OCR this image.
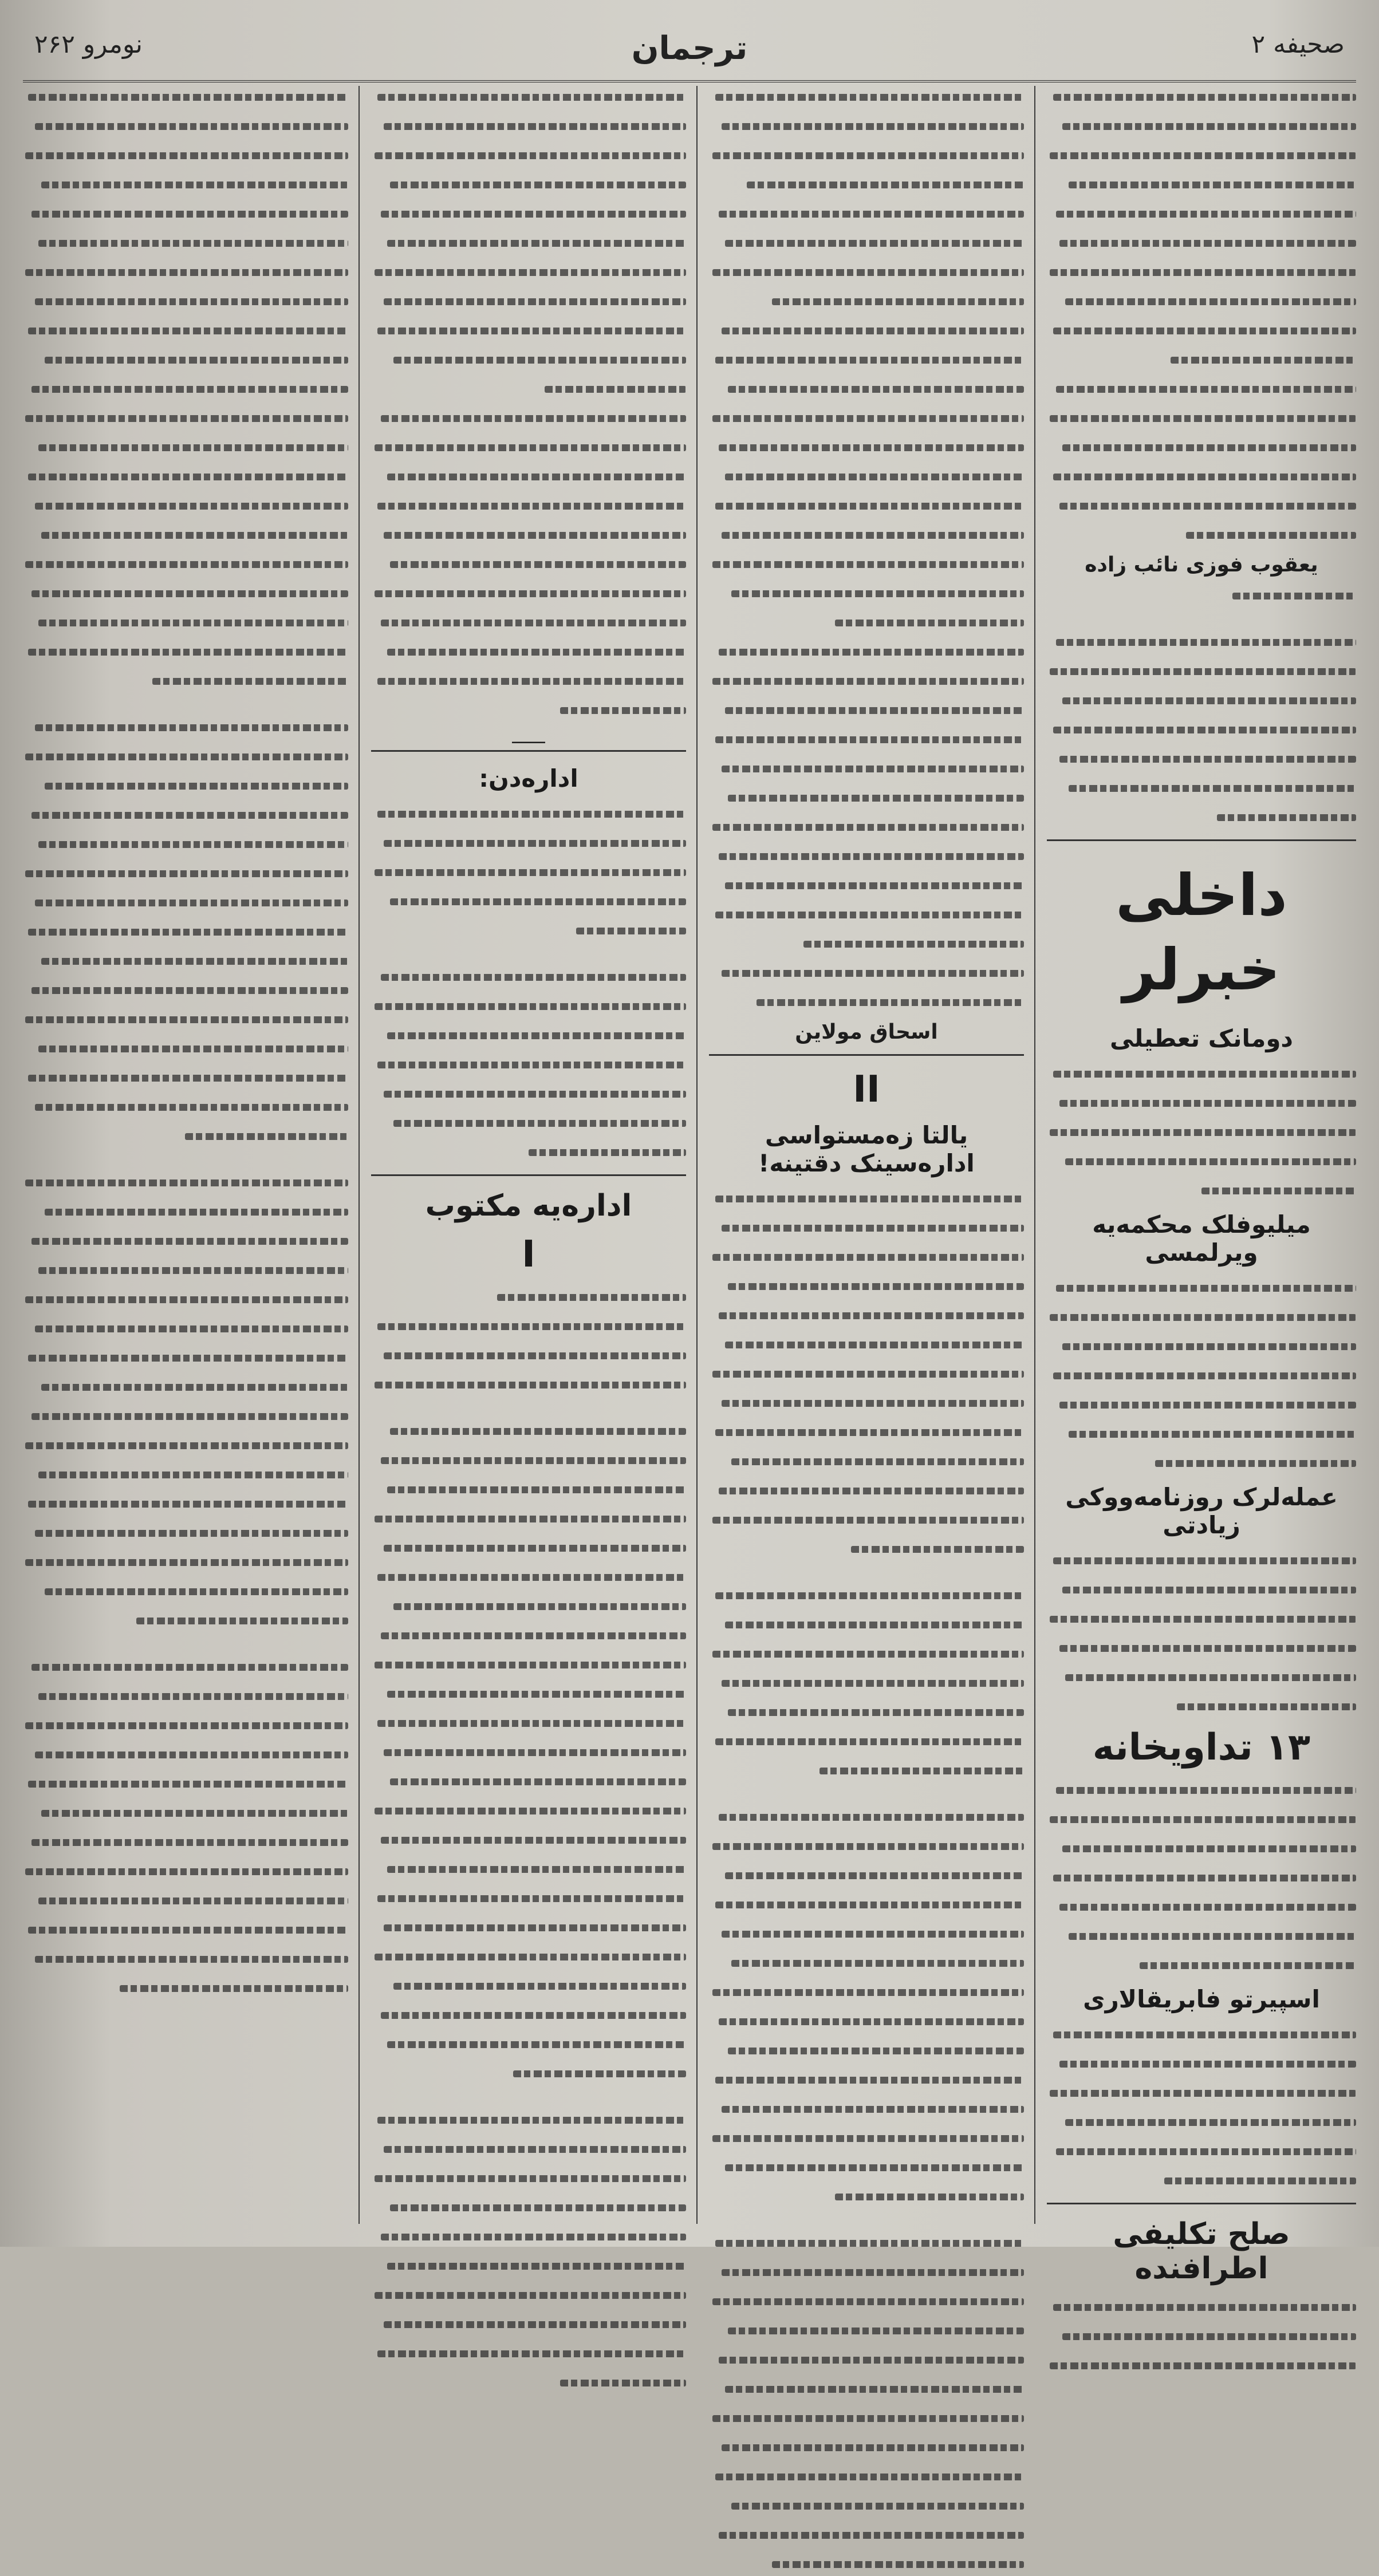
صحیفه ۲
ترجمان
نومرو ۲۶۲
یعقوب فوزی نائب زاده
داخلی خبرلر
دومانک تعطیلی
میلیوفلک محکمه‌یه ویرلمسی
عمله‌لرک روزنامه‌ووکی زیادتی
۱۳ تداویخانه
اسپیرتو فابریقالاری
صلح تکلیفی اطرافنده
اسحاق مولاین
II
یالتا زه‌مستواسی اداره‌سینک دقتینه!
ـــــــ
اداره‌دن:
اداره‌یه مکتوب
I
